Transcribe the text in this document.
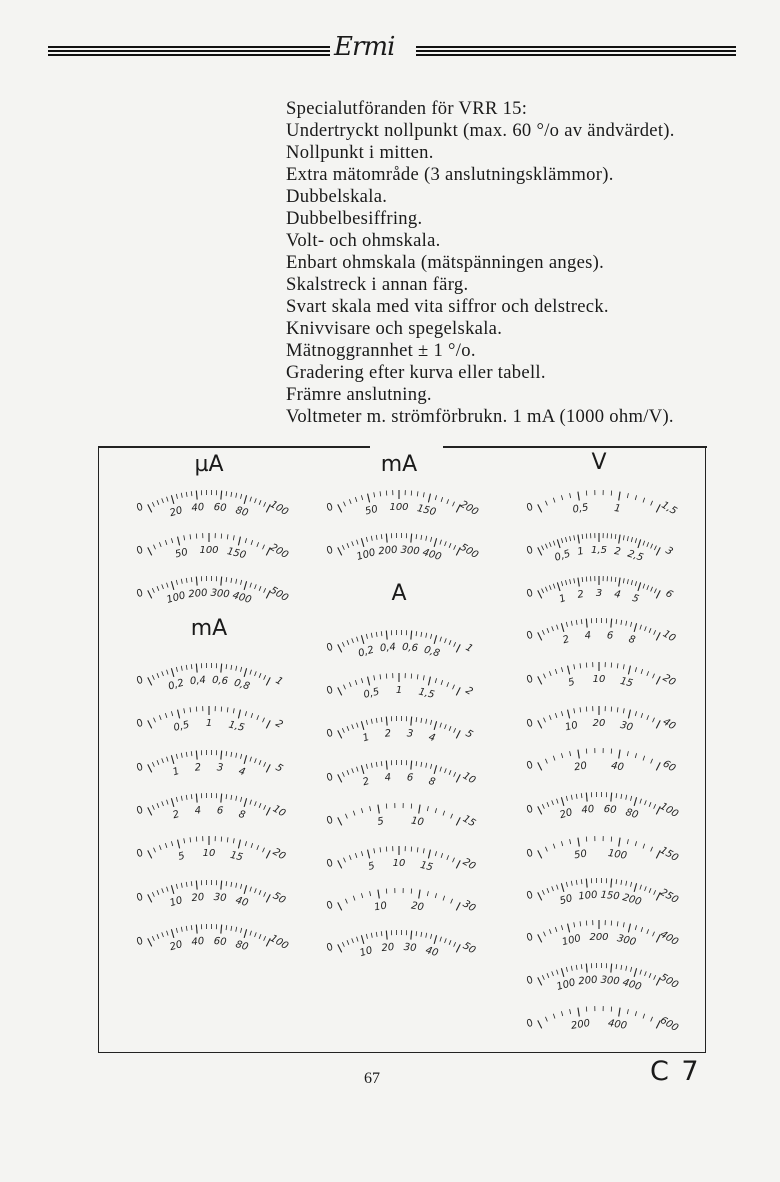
Ermi
Specialutföranden för VRR 15:
Undertryckt nollpunkt (max. 60 °/o av ändvärdet).
Nollpunkt i mitten.
Extra mätområde (3 anslutningsklämmor).
Dubbelskala.
Dubbelbesiffring.
Volt- och ohmskala.
Enbart ohmskala (mätspänningen anges).
Skalstreck i annan färg.
Svart skala med vita siffror och delstreck.
Knivvisare och spegelskala.
Mätnoggrannhet ± 1 °/o.
Gradering efter kurva eller tabell.
Främre anslutning.
Voltmeter m. strömförbrukn. 1 mA (1000 ohm/V).
µA
0 20 40 60 80 100
0	50 100 150 200
0 100 200 300 400 500
mA
0 0,2 0,4 0,6 0,8 1
0	0,5 1 1,5	2
0	1 2 3 4	5
0	2 4 6 8 10
0	5 10 15	20
0 10 20 30 40 50
0 20 40 60 80 100
mA
0	50 100 150 200
0 100 200 300 400 500
A
0 0,2 0,4 0,6 0,8 1
0	0,5 1 1,5	2
0	1 2 3 4	5
0	2 4 6 8 10
0	5	10	15
0	5 10 15	20
0	10 20	30
0 10 20 30 40 50
V
0	0,5 1	1,5
0 0,5 1 1,5 2 2,5 3
0 1 2 3 4 5 6
0	2 4 6 8 10
0	5 10 15	20
0	10 20 30	40
0	20 40	60
0 20 40 60 80 100
0	50 100	150
0 50 100 150 200 250
0	100 200 300 400
0 100 200 300 400 500
0	200 400	600
67	C 7
